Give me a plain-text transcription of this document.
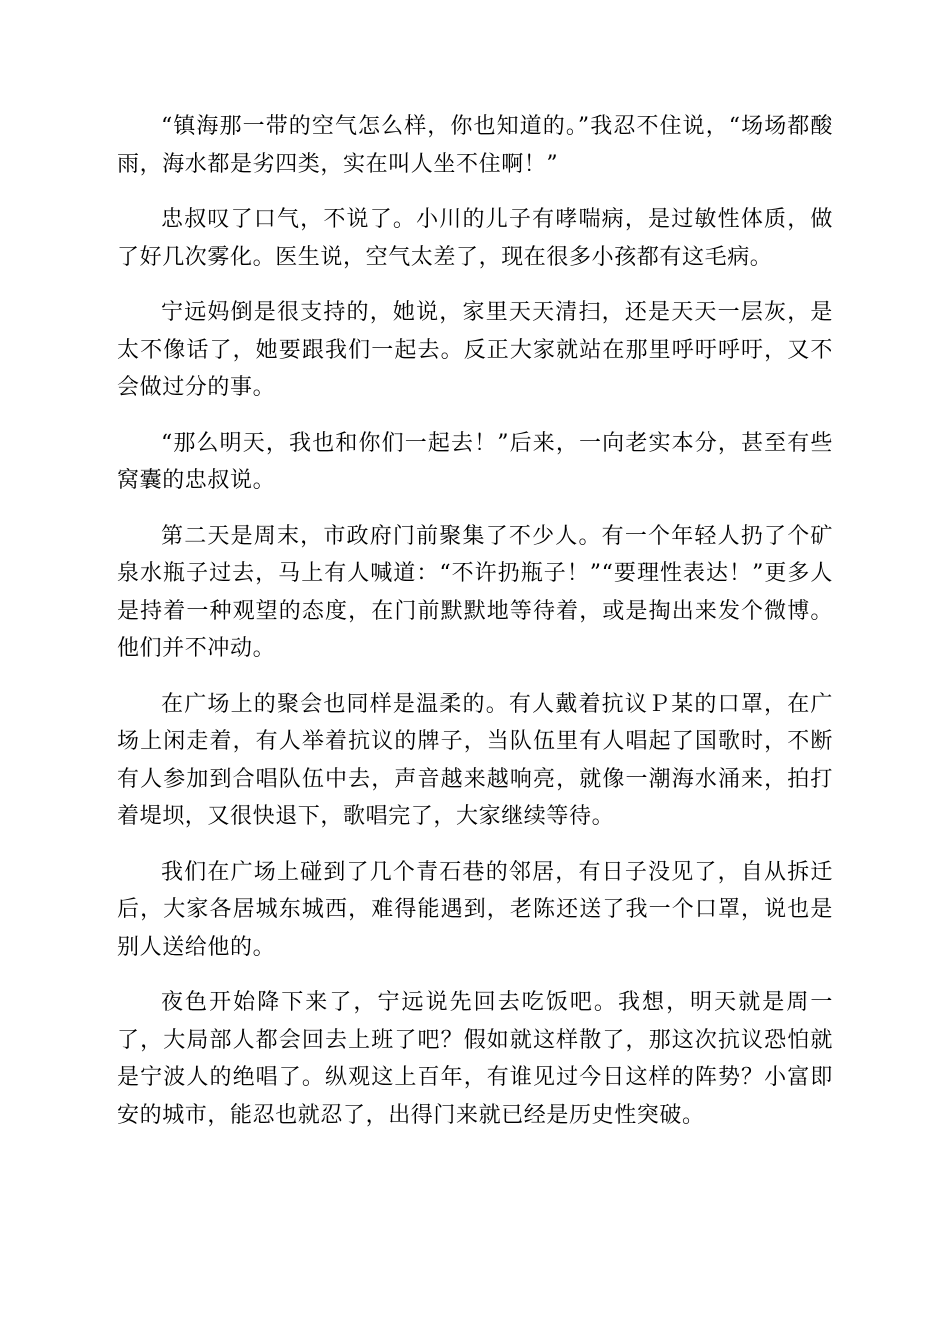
“镇海那一带的空气怎么样，你也知道的。”我忍不住说，“场场都酸雨，海水都是劣四类，实在叫人坐不住啊！”

忠叔叹了口气，不说了。小川的儿子有哮喘病，是过敏性体质，做了好几次雾化。医生说，空气太差了，现在很多小孩都有这毛病。

宁远妈倒是很支持的，她说，家里天天清扫，还是天天一层灰，是太不像话了，她要跟我们一起去。反正大家就站在那里呼吁呼吁，又不会做过分的事。

“那么明天，我也和你们一起去！”后来，一向老实本分，甚至有些窝囊的忠叔说。

第二天是周末，市政府门前聚集了不少人。有一个年轻人扔了个矿泉水瓶子过去，马上有人喊道：“不许扔瓶子！”“要理性表达！”更多人是持着一种观望的态度，在门前默默地等待着，或是掏出来发个微博。他们并不冲动。

在广场上的聚会也同样是温柔的。有人戴着抗议Ｐ某的口罩，在广场上闲走着，有人举着抗议的牌子，当队伍里有人唱起了国歌时，不断有人参加到合唱队伍中去，声音越来越响亮，就像一潮海水涌来，拍打着堤坝，又很快退下，歌唱完了，大家继续等待。

我们在广场上碰到了几个青石巷的邻居，有日子没见了，自从拆迁后，大家各居城东城西，难得能遇到，老陈还送了我一个口罩，说也是别人送给他的。

夜色开始降下来了，宁远说先回去吃饭吧。我想，明天就是周一了，大局部人都会回去上班了吧？假如就这样散了，那这次抗议恐怕就是宁波人的绝唱了。纵观这上百年，有谁见过今日这样的阵势？小富即安的城市，能忍也就忍了，出得门来就已经是历史性突破。
